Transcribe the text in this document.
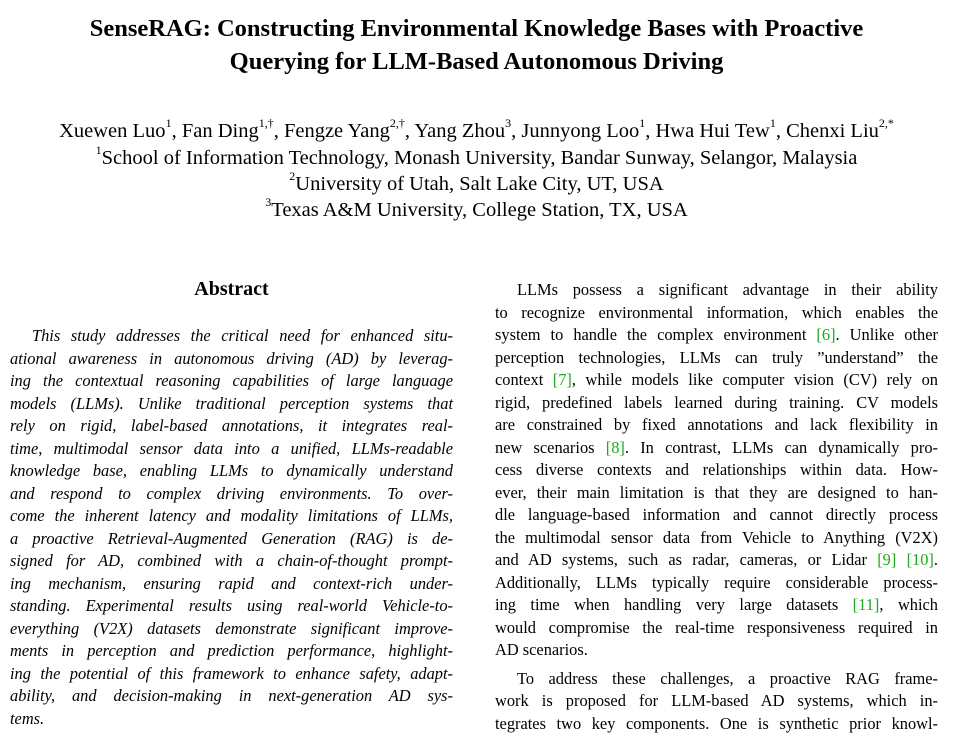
SenseRAG: Constructing Environmental Knowledge Bases with Proactive
Querying for LLM-Based Autonomous Driving
Xuewen Luo$^1$, Fan Ding$^{1,\dagger}$, Fengze Yang$^{2,\dagger}$, Yang Zhou$^3$, Junnyong Loo$^1$, Hwa Hui Tew$^1$, Chenxi Liu$^{2,*}$
$^1$School of Information Technology, Monash University, Bandar Sunway, Selangor, Malaysia
$^2$University of Utah, Salt Lake City, UT, USA
$^3$Texas A&M University, College Station, TX, USA
Abstract
This study addresses the critical need for enhanced situ-
ational awareness in autonomous driving (AD) by leverag-
ing the contextual reasoning capabilities of large language
models (LLMs). Unlike traditional perception systems that
rely on rigid, label-based annotations, it integrates real-
time, multimodal sensor data into a unified, LLMs-readable
knowledge base, enabling LLMs to dynamically understand
and respond to complex driving environments. To over-
come the inherent latency and modality limitations of LLMs,
a proactive Retrieval-Augmented Generation (RAG) is de-
signed for AD, combined with a chain-of-thought prompt-
ing mechanism, ensuring rapid and context-rich under-
standing. Experimental results using real-world Vehicle-to-
everything (V2X) datasets demonstrate significant improve-
ments in perception and prediction performance, highlight-
ing the potential of this framework to enhance safety, adapt-
ability, and decision-making in next-generation AD sys-
tems.
LLMs possess a significant advantage in their ability
to recognize environmental information, which enables the
system to handle the complex environment [6]. Unlike other
perception technologies, LLMs can truly ”understand” the
context [7], while models like computer vision (CV) rely on
rigid, predefined labels learned during training. CV models
are constrained by fixed annotations and lack flexibility in
new scenarios [8]. In contrast, LLMs can dynamically pro-
cess diverse contexts and relationships within data. How-
ever, their main limitation is that they are designed to han-
dle language-based information and cannot directly process
the multimodal sensor data from Vehicle to Anything (V2X)
and AD systems, such as radar, cameras, or Lidar [9] [10].
Additionally, LLMs typically require considerable process-
ing time when handling very large datasets [11], which
would compromise the real-time responsiveness required in
AD scenarios.
To address these challenges, a proactive RAG frame-
work is proposed for LLM-based AD systems, which in-
tegrates two key components. One is synthetic prior knowl-
